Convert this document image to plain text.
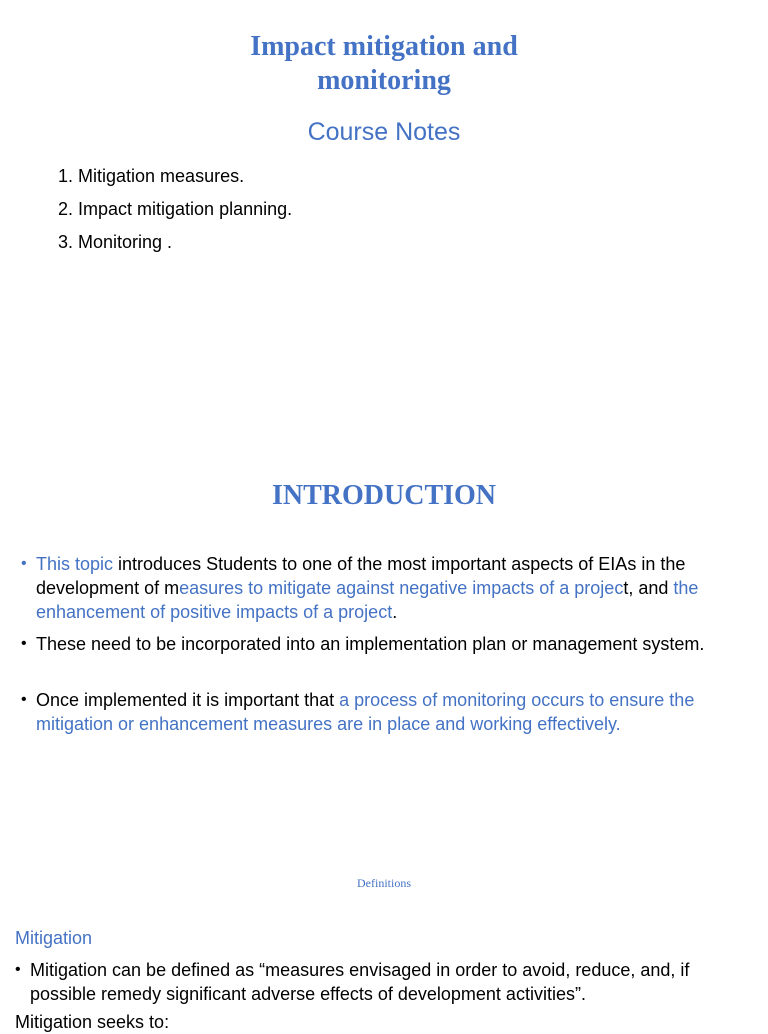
Impact mitigation and
monitoring
Course Notes
1. Mitigation measures.
2. Impact mitigation planning.
3. Monitoring .
INTRODUCTION
• This topic introduces Students to one of the most important aspects of EIAs in the development of measures to mitigate against negative impacts of a project, and the enhancement of positive impacts of a project.
• These need to be incorporated into an implementation plan or management system.
• Once implemented it is important that a process of monitoring occurs to ensure the mitigation or enhancement measures are in place and working effectively.
Definitions
Mitigation
• Mitigation can be defined as “measures envisaged in order to avoid, reduce, and, if possible remedy significant adverse effects of development activities”.
Mitigation seeks to:
